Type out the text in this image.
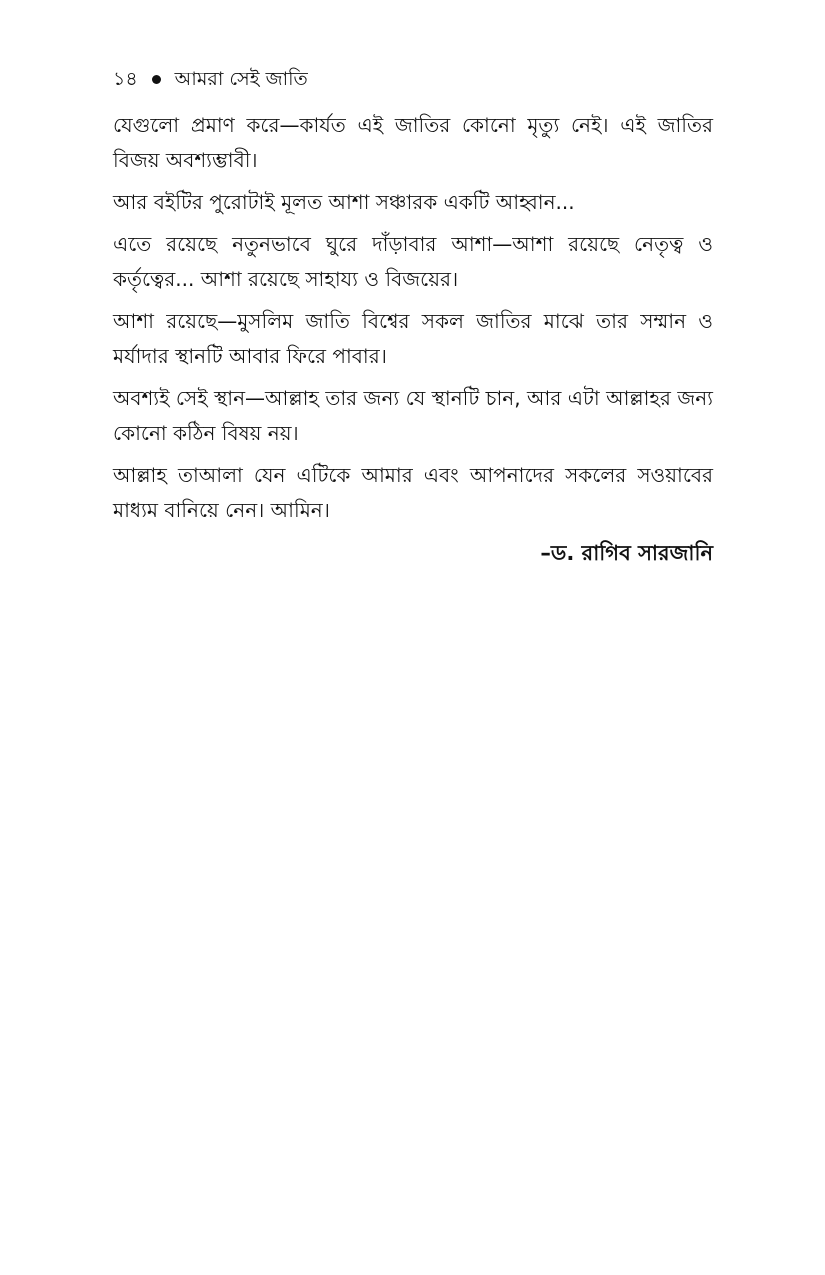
১৪ আমরা সেই জাতি

যেগুলো প্রমাণ করে—কার্যত এই জাতির কোনো মৃত্যু নেই। এই জাতির বিজয় অবশ্যম্ভাবী।

আর বইটির পুরোটাই মূলত আশা সঞ্চারক একটি আহ্বান...

এতে রয়েছে নতুনভাবে ঘুরে দাঁড়াবার আশা—আশা রয়েছে নেতৃত্ব ও কর্তৃত্বের... আশা রয়েছে সাহায্য ও বিজয়ের।

আশা রয়েছে—মুসলিম জাতি বিশ্বের সকল জাতির মাঝে তার সম্মান ও মর্যাদার স্থানটি আবার ফিরে পাবার।

অবশ্যই সেই স্থান—আল্লাহ তার জন্য যে স্থানটি চান, আর এটা আল্লাহর জন্য কোনো কঠিন বিষয় নয়।

আল্লাহ তাআলা যেন এটিকে আমার এবং আপনাদের সকলের সওয়াবের মাধ্যম বানিয়ে নেন। আমিন।

–ড. রাগিব সারজানি
